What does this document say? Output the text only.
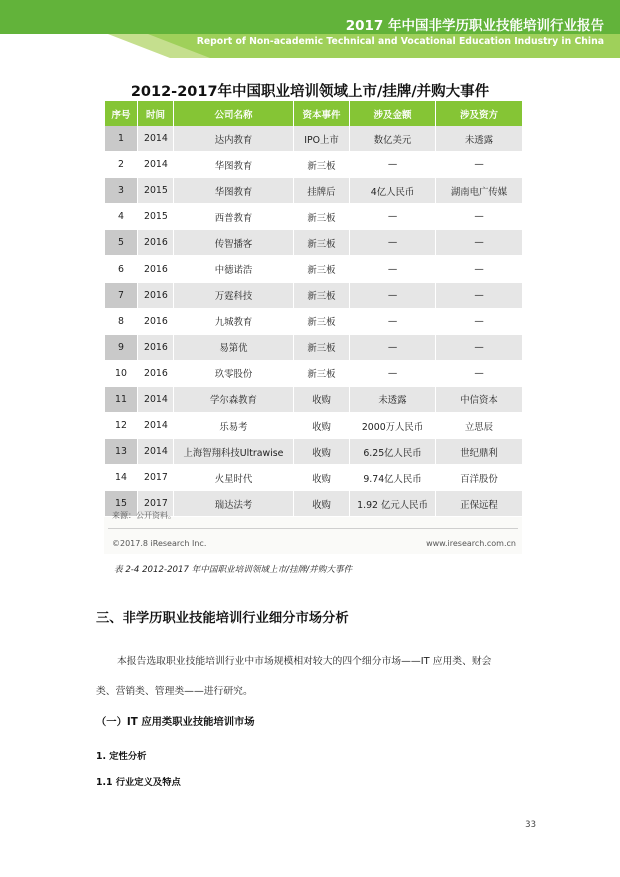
2017 年中国非学历职业技能培训行业报告
Report of Non-academic Technical and Vocational Education Industry in China
2012-2017年中国职业培训领域上市/挂牌/并购大事件
序号	时间	公司名称	资本事件	涉及金额	涉及资方
1	2014	达内教育	IPO上市	数亿美元	未透露
2	2014	华图教育	新三板	—	—
3	2015	华图教育	挂牌后	4亿人民币	湖南电广传媒
4	2015	西普教育	新三板	—	—
5	2016	传智播客	新三板	—	—
6	2016	中德诺浩	新三板	—	—
7	2016	万霆科技	新三板	—	—
8	2016	九城教育	新三板	—	—
9	2016	易第优	新三板	—	—
10	2016	玖零股份	新三板	—	—
11	2014	学尔森教育	收购	未透露	中信资本
12	2014	乐易考	收购	2000万人民币	立思辰
13	2014	上海智翔科技Ultrawise	收购	6.25亿人民币	世纪鼎利
14	2017	火星时代	收购	9.74亿人民币	百洋股份
15	2017	瑞达法考	收购	1.92 亿元人民币	正保远程
来源：公开资料。
©2017.8 iResearch Inc.	www.iresearch.com.cn
表 2-4 2012-2017 年中国职业培训领域上市/挂牌/并购大事件
三、非学历职业技能培训行业细分市场分析
本报告选取职业技能培训行业中市场规模相对较大的四个细分市场——IT 应用类、财会
类、营销类、管理类——进行研究。
（一）IT 应用类职业技能培训市场
1. 定性分析
1.1 行业定义及特点
33
